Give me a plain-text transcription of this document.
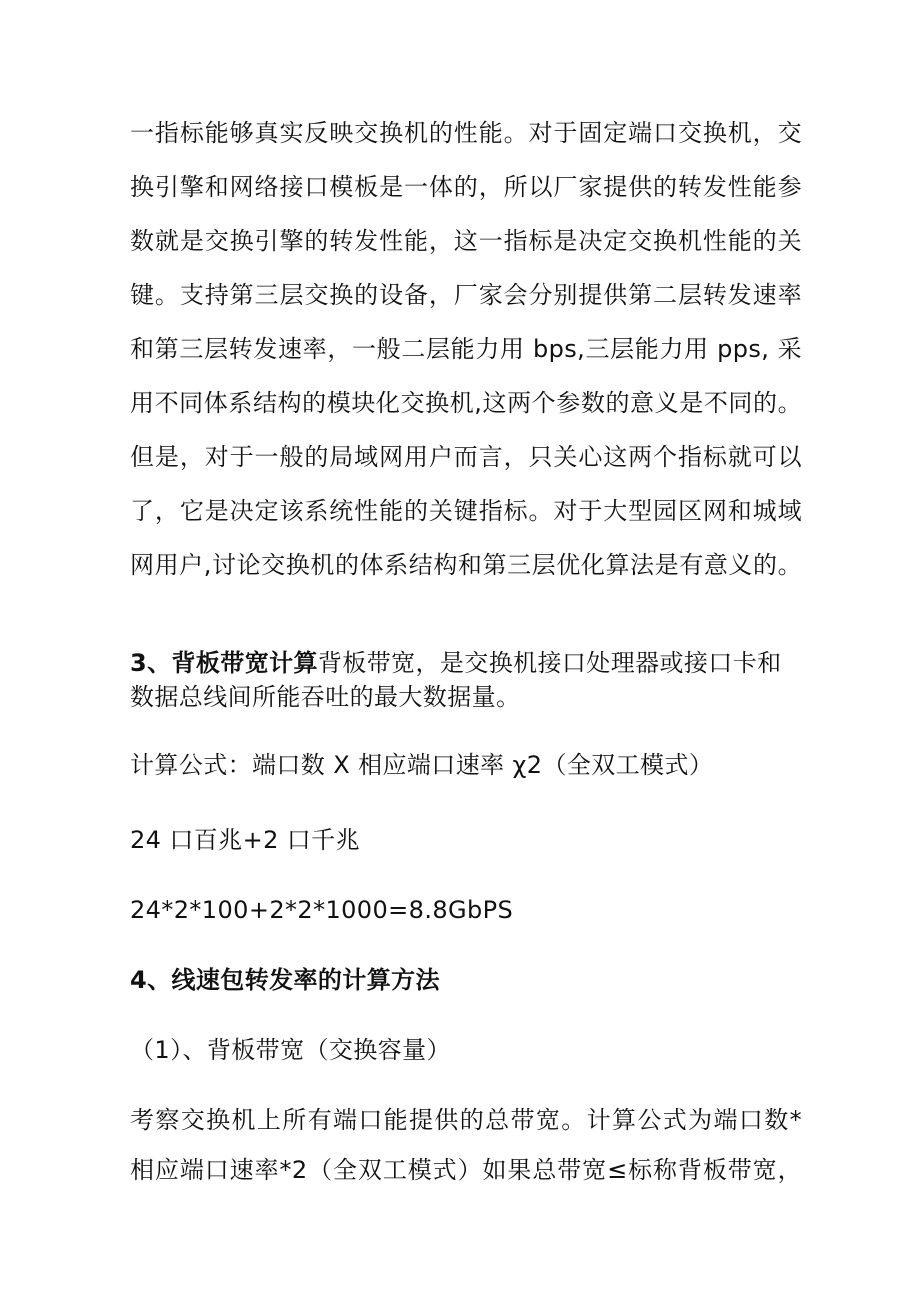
一指标能够真实反映交换机的性能。对于固定端口交换机，交
换引擎和网络接口模板是一体的，所以厂家提供的转发性能参
数就是交换引擎的转发性能，这一指标是决定交换机性能的关
键。支持第三层交换的设备，厂家会分别提供第二层转发速率
和第三层转发速率，一般二层能力用 bps,三层能力用 pps, 采
用不同体系结构的模块化交换机,这两个参数的意义是不同的。
但是，对于一般的局域网用户而言，只关心这两个指标就可以
了，它是决定该系统性能的关键指标。对于大型园区网和城域
网用户,讨论交换机的体系结构和第三层优化算法是有意义的。
3、背板带宽计算背板带宽，是交换机接口处理器或接口卡和
数据总线间所能吞吐的最大数据量。
计算公式：端口数 X 相应端口速率 χ2（全双工模式）
24 口百兆+2 口千兆
24*2*100+2*2*1000=8.8GbPS
4、线速包转发率的计算方法
（1）、背板带宽（交换容量）
考察交换机上所有端口能提供的总带宽。计算公式为端口数*
相应端口速率*2（全双工模式）如果总带宽≤标称背板带宽，
